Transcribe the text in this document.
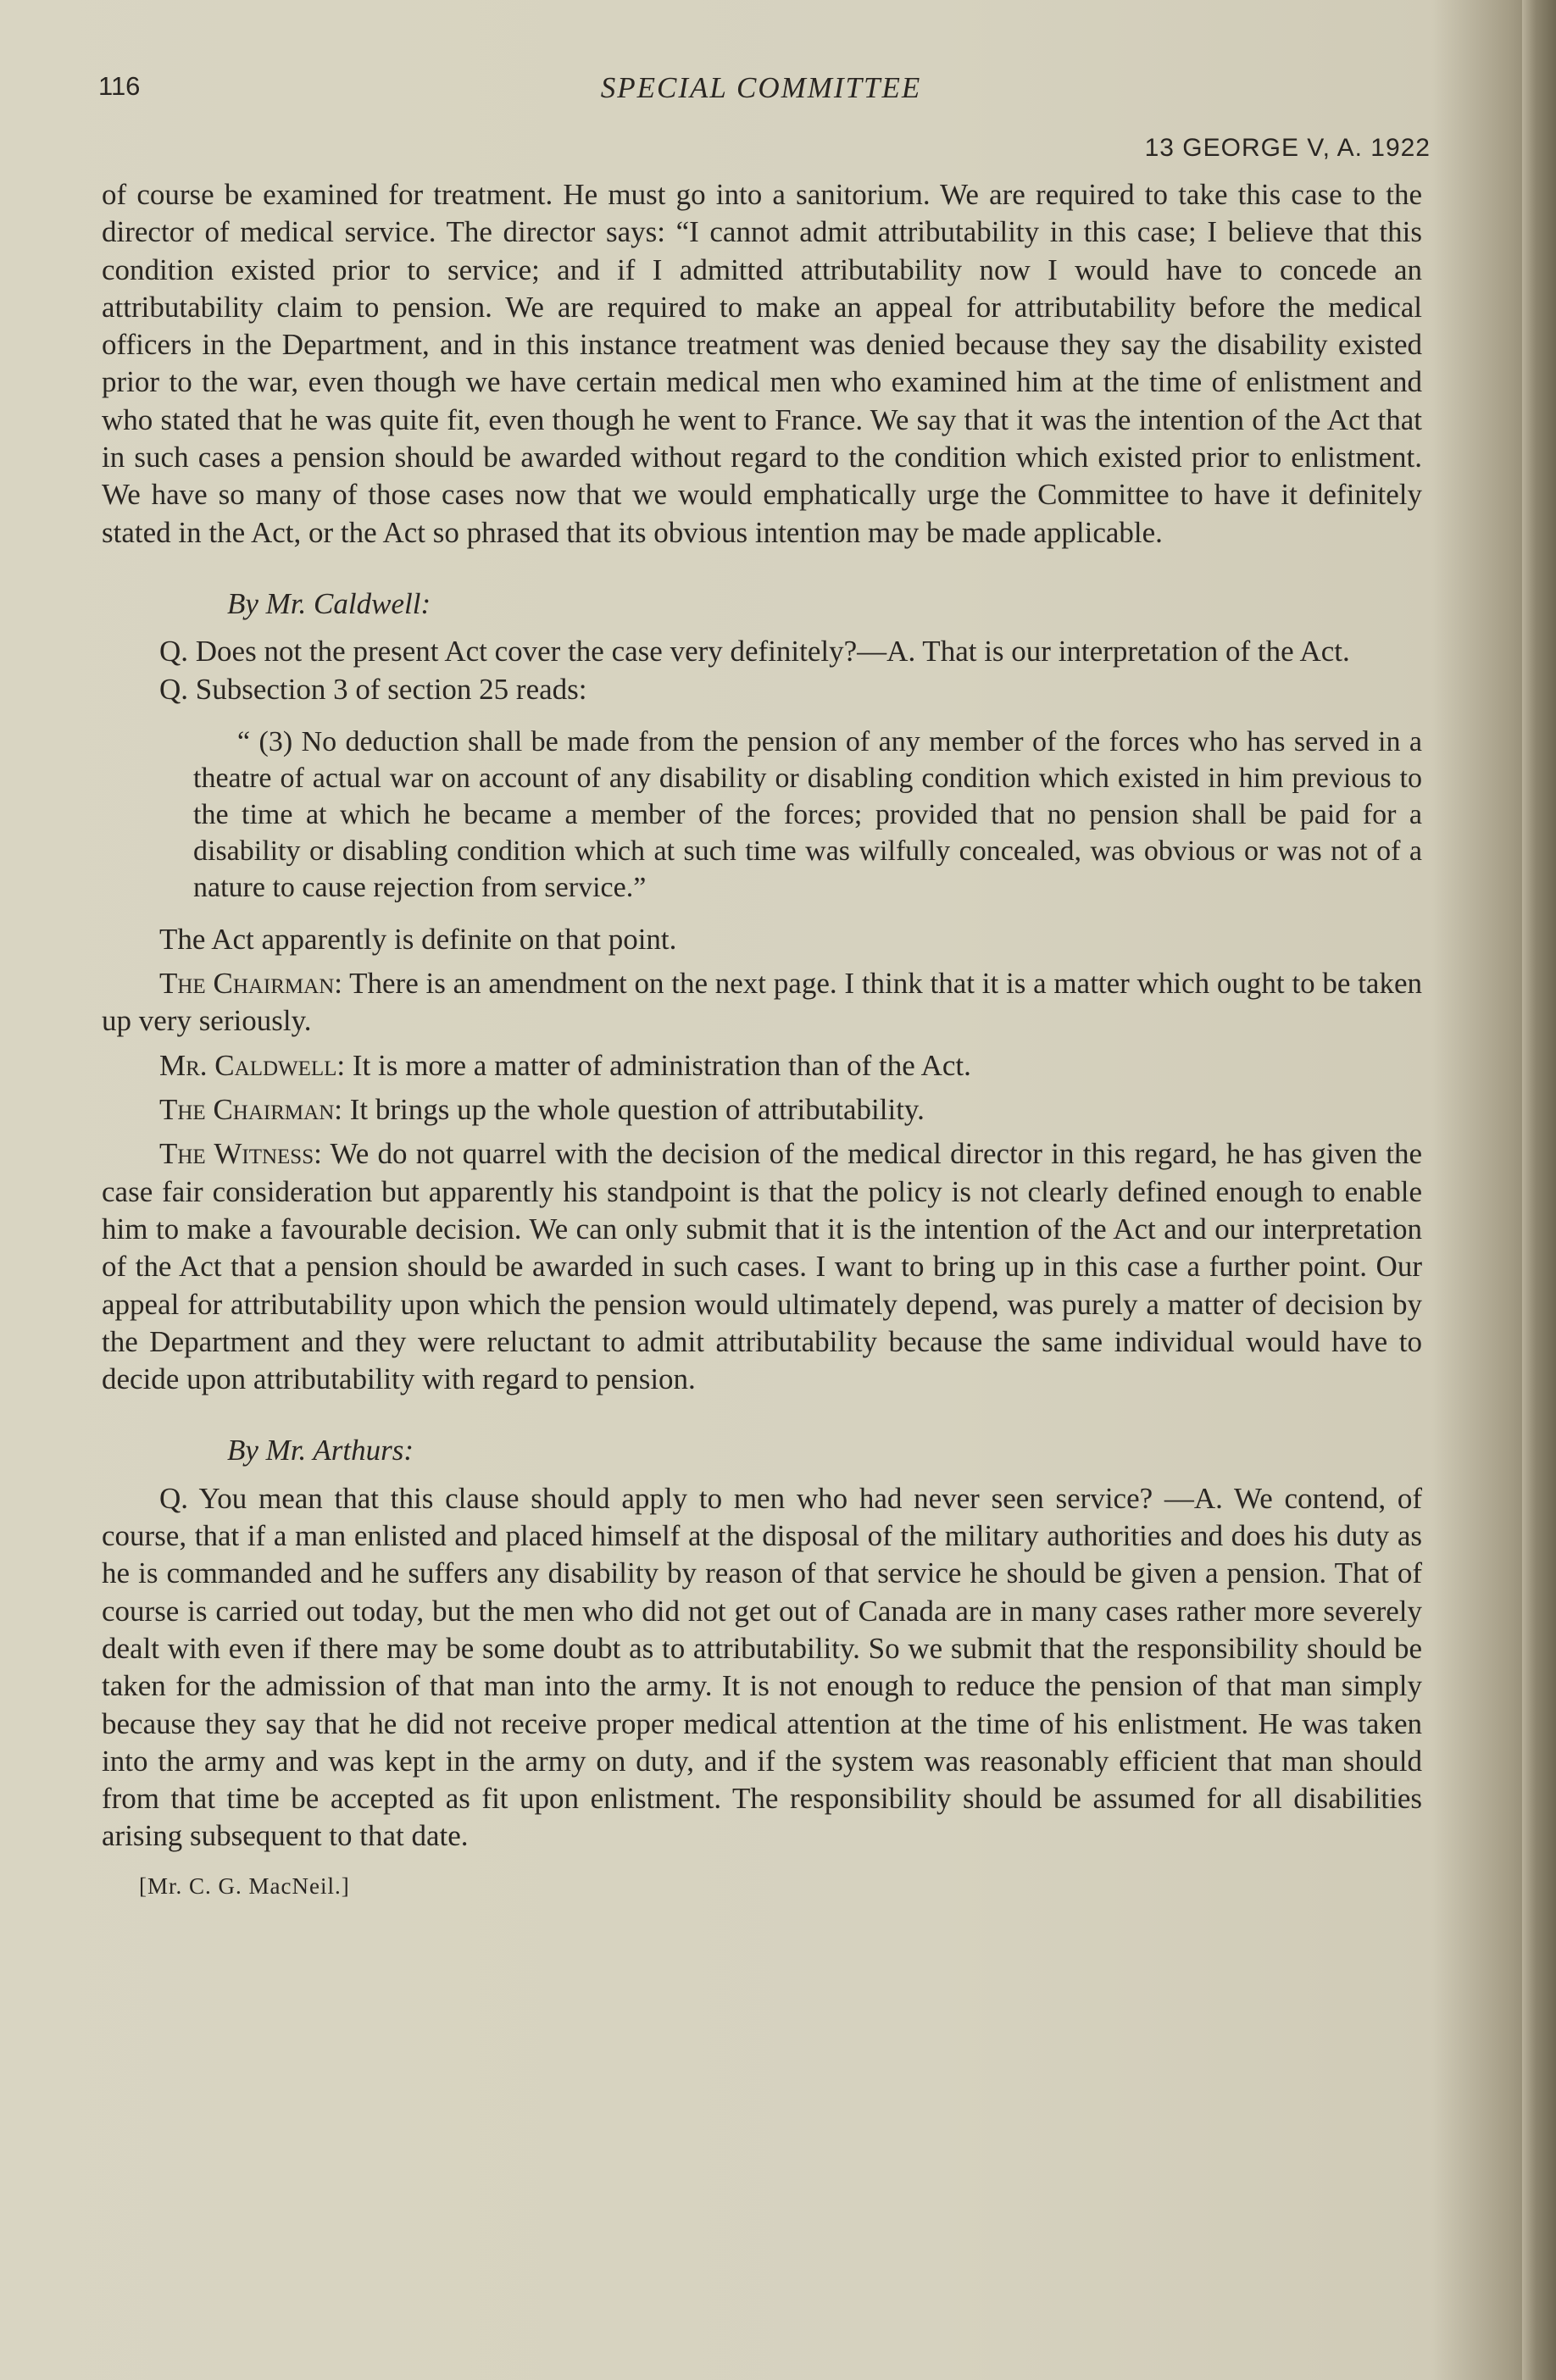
116	SPECIAL COMMITTEE
13 GEORGE V, A. 1922

of course be examined for treatment. He must go into a sanitorium. We are required to take this case to the director of medical service. The director says: “I cannot admit attributability in this case; I believe that this condition existed prior to service; and if I admitted attributability now I would have to concede an attributability claim to pension. We are required to make an appeal for attributability before the medical officers in the Department, and in this instance treatment was denied because they say the disability existed prior to the war, even though we have certain medical men who examined him at the time of enlistment and who stated that he was quite fit, even though he went to France. We say that it was the intention of the Act that in such cases a pension should be awarded without regard to the condition which existed prior to enlistment. We have so many of those cases now that we would emphatically urge the Committee to have it definitely stated in the Act, or the Act so phrased that its obvious intention may be made applicable.

By Mr. Caldwell:

Q. Does not the present Act cover the case very definitely?—A. That is our interpretation of the Act.

Q. Subsection 3 of section 25 reads:

“ (3) No deduction shall be made from the pension of any member of the forces who has served in a theatre of actual war on account of any disability or disabling condition which existed in him previous to the time at which he became a member of the forces; provided that no pension shall be paid for a disability or disabling condition which at such time was wilfully concealed, was obvious or was not of a nature to cause rejection from service.”

The Act apparently is definite on that point.

The Chairman: There is an amendment on the next page. I think that it is a matter which ought to be taken up very seriously.

Mr. Caldwell: It is more a matter of administration than of the Act.

The Chairman: It brings up the whole question of attributability.

The Witness: We do not quarrel with the decision of the medical director in this regard, he has given the case fair consideration but apparently his standpoint is that the policy is not clearly defined enough to enable him to make a favourable decision. We can only submit that it is the intention of the Act and our interpretation of the Act that a pension should be awarded in such cases. I want to bring up in this case a further point. Our appeal for attributability upon which the pension would ultimately depend, was purely a matter of decision by the Department and they were reluctant to admit attributability because the same individual would have to decide upon attributability with regard to pension.

By Mr. Arthurs:

Q. You mean that this clause should apply to men who had never seen service? —A. We contend, of course, that if a man enlisted and placed himself at the disposal of the military authorities and does his duty as he is commanded and he suffers any disability by reason of that service he should be given a pension. That of course is carried out today, but the men who did not get out of Canada are in many cases rather more severely dealt with even if there may be some doubt as to attributability. So we submit that the responsibility should be taken for the admission of that man into the army. It is not enough to reduce the pension of that man simply because they say that he did not receive proper medical attention at the time of his enlistment. He was taken into the army and was kept in the army on duty, and if the system was reasonably efficient that man should from that time be accepted as fit upon enlistment. The responsibility should be assumed for all disabilities arising subsequent to that date.

[Mr. C. G. MacNeil.]
